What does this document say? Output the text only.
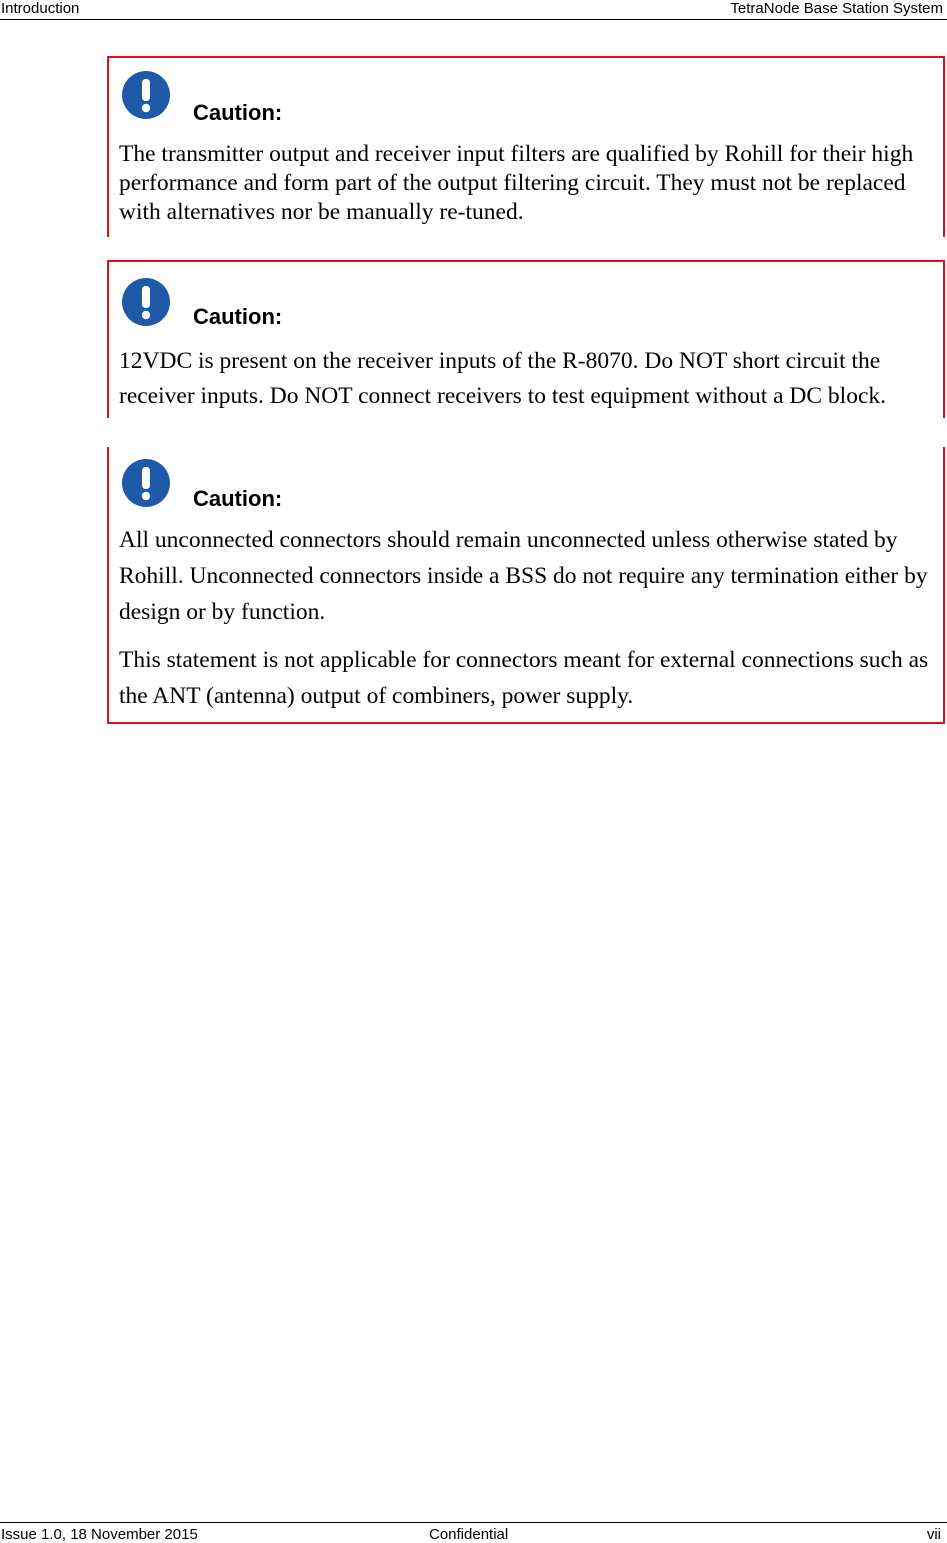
Introduction	TetraNode Base Station System
Caution:

The transmitter output and receiver input filters are qualified by Rohill for their high performance and form part of the output filtering circuit. They must not be replaced with alternatives nor be manually re-tuned.

Caution:

12VDC is present on the receiver inputs of the R-8070. Do NOT short circuit the receiver inputs. Do NOT connect receivers to test equipment without a DC block.

Caution:

All unconnected connectors should remain unconnected unless otherwise stated by Rohill. Unconnected connectors inside a BSS do not require any termination either by design or by function.

This statement is not applicable for connectors meant for external connections such as the ANT (antenna) output of combiners, power supply.

Issue 1.0, 18 November 2015	Confidential	vii
